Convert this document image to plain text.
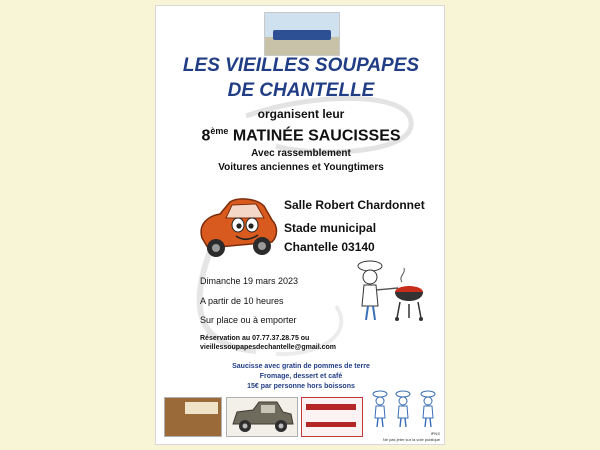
LES VIEILLES SOUPAPES
DE CHANTELLE
organisent leur
8ème MATINÉE SAUCISSES
Avec rassemblement
Voitures anciennes et Youngtimers
Salle Robert Chardonnet
Stade municipal
Chantelle 03140
Dimanche 19 mars 2023
A partir de 10 heures
Sur place ou à emporter
Réservation au 07.77.37.28.75 ou
vieillessoupapesdechantelle@gmail.com
Saucisse avec gratin de pommes de terre
Fromage, dessert et café
15€ par personne hors boissons
IPNS
Ne pas jeter sur la voie publique
